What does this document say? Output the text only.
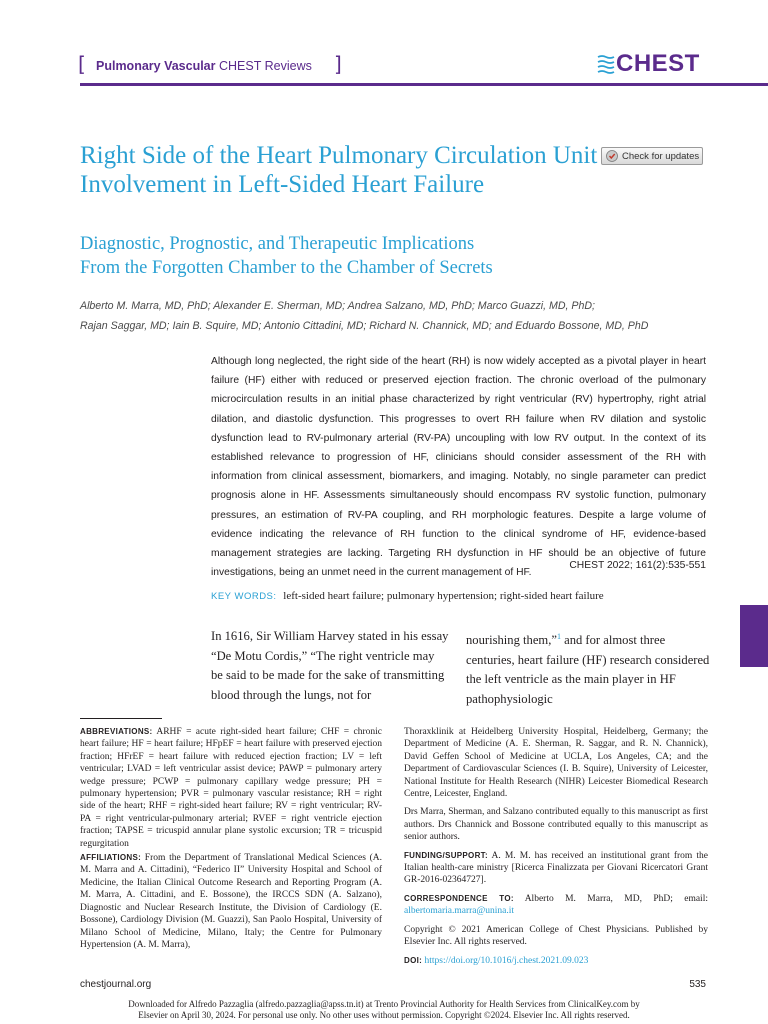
[ Pulmonary Vascular CHEST Reviews ]	CHEST
Check for updates
Right Side of the Heart Pulmonary Circulation Unit Involvement in Left-Sided Heart Failure
Diagnostic, Prognostic, and Therapeutic Implications
From the Forgotten Chamber to the Chamber of Secrets
Alberto M. Marra, MD, PhD; Alexander E. Sherman, MD; Andrea Salzano, MD, PhD; Marco Guazzi, MD, PhD;
Rajan Saggar, MD; Iain B. Squire, MD; Antonio Cittadini, MD; Richard N. Channick, MD; and Eduardo Bossone, MD, PhD
Although long neglected, the right side of the heart (RH) is now widely accepted as a pivotal player in heart failure (HF) either with reduced or preserved ejection fraction. The chronic overload of the pulmonary microcirculation results in an initial phase characterized by right ventricular (RV) hypertrophy, right atrial dilation, and diastolic dysfunction. This progresses to overt RH failure when RV dilation and systolic dysfunction lead to RV-pulmonary arterial (RV-PA) uncoupling with low RV output. In the context of its established relevance to progression of HF, clinicians should consider assessment of the RH with information from clinical assessment, biomarkers, and imaging. Notably, no single parameter can predict prognosis alone in HF. Assessments simultaneously should encompass RV systolic function, pulmonary pressures, an estimation of RV-PA coupling, and RH morphologic features. Despite a large volume of evidence indicating the relevance of RH function to the clinical syndrome of HF, evidence-based management strategies are lacking. Targeting RH dysfunction in HF should be an objective of future investigations, being an unmet need in the current management of HF.
CHEST 2022; 161(2):535-551
KEY WORDS: left-sided heart failure; pulmonary hypertension; right-sided heart failure
In 1616, Sir William Harvey stated in his essay “De Motu Cordis,” “The right ventricle may be said to be made for the sake of transmitting blood through the lungs, not for
nourishing them,”$^1$ and for almost three centuries, heart failure (HF) research considered the left ventricle as the main player in HF pathophysiologic

ABBREVIATIONS: ARHF = acute right-sided heart failure; CHF = chronic heart failure; HF = heart failure; HFpEF = heart failure with preserved ejection fraction; HFrEF = heart failure with reduced ejection fraction; LV = left ventricular; LVAD = left ventricular assist device; PAWP = pulmonary artery wedge pressure; PCWP = pulmonary capillary wedge pressure; PH = pulmonary hypertension; PVR = pulmonary vascular resistance; RH = right side of the heart; RHF = right-sided heart failure; RV = right ventricular; RV-PA = right ventricular-pulmonary arterial; RVEF = right ventricle ejection fraction; TAPSE = tricuspid annular plane systolic excursion; TR = tricuspid regurgitation

AFFILIATIONS: From the Department of Translational Medical Sciences (A. M. Marra and A. Cittadini), “Federico II” University Hospital and School of Medicine, the Italian Clinical Outcome Research and Reporting Program (A. M. Marra, A. Cittadini, and E. Bossone), the IRCCS SDN (A. Salzano), Diagnostic and Nuclear Research Institute, the Division of Cardiology (E. Bossone), Cardiology Division (M. Guazzi), San Paolo Hospital, University of Milano School of Medicine, Milano, Italy; the Centre for Pulmonary Hypertension (A. M. Marra),

Thoraxklinik at Heidelberg University Hospital, Heidelberg, Germany; the Department of Medicine (A. E. Sherman, R. Saggar, and R. N. Channick), David Geffen School of Medicine at UCLA, Los Angeles, CA; and the Department of Cardiovascular Sciences (I. B. Squire), University of Leicester, National Institute for Health Research (NIHR) Leicester Biomedical Research Centre, Leicester, England.

Drs Marra, Sherman, and Salzano contributed equally to this manuscript as first authors. Drs Channick and Bossone contributed equally to this manuscript as senior authors.

FUNDING/SUPPORT: A. M. M. has received an institutional grant from the Italian health-care ministry [Ricerca Finalizzata per Giovani Ricercatori Grant GR-2016-02364727].

CORRESPONDENCE TO: Alberto M. Marra, MD, PhD; email: albertomaria.marra@unina.it

Copyright © 2021 American College of Chest Physicians. Published by Elsevier Inc. All rights reserved.

DOI: https://doi.org/10.1016/j.chest.2021.09.023

chestjournal.org	535
Downloaded for Alfredo Pazzaglia (alfredo.pazzaglia@apss.tn.it) at Trento Provincial Authority for Health Services from ClinicalKey.com by
Elsevier on April 30, 2024. For personal use only. No other uses without permission. Copyright ©2024. Elsevier Inc. All rights reserved.
